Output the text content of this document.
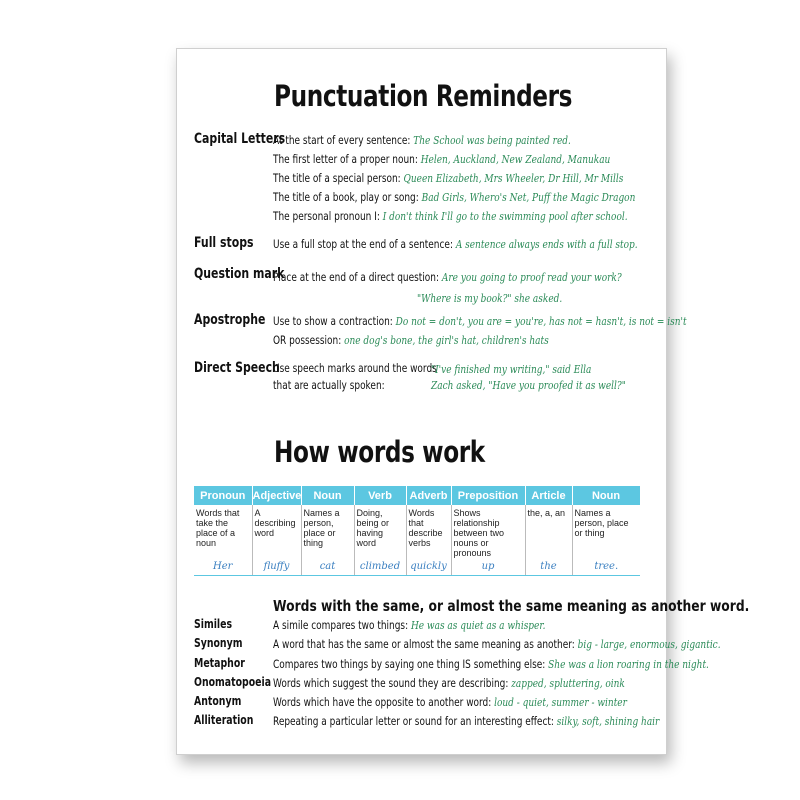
Punctuation Reminders
Capital Letters
At the start of every sentence: The School was being painted red.
The first letter of a proper noun: Helen, Auckland, New Zealand, Manukau
The title of a special person: Queen Elizabeth, Mrs Wheeler, Dr Hill, Mr Mills
The title of a book, play or song: Bad Girls, Whero's Net, Puff the Magic Dragon
The personal pronoun I: I don't think I'll go to the swimming pool after school.
Full stops Use a full stop at the end of a sentence: A sentence always ends with a full stop.
Question mark
Place at the end of a direct question: Are you going to proof read your work?
"Where is my book?" she asked.
Apostrophe Use to show a contraction: Do not = don't, you are = you're, has not = hasn't, is not = isn't
OR possession: one dog's bone, the girl's hat, children's hats
Direct Speech
Use speech marks around the words
that are actually spoken:
"I've finished my writing," said Ella
Zach asked, "Have you proofed it as well?"
How words work
Pronoun	Adjective	Noun	Verb	Adverb	Preposition	Article	Noun
Words that take the place of a noun	A describing word	Names a person, place or thing	Doing, being or having word	Words that describe verbs	Shows relationship between two nouns or pronouns	the, a, an	Names a person, place or thing
Her	fluffy	cat	climbed	quickly	up	the	tree.
Words with the same, or almost the same meaning as another word.
Similes	A simile compares two things: He was as quiet as a whisper.
Synonym	A word that has the same or almost the same meaning as another: big - large, enormous, gigantic.
Metaphor Compares two things by saying one thing IS something else: She was a lion roaring in the night.
Onomatopoeia Words which suggest the sound they are describing: zapped, spluttering, oink
Antonym	Words which have the opposite to another word: loud - quiet, summer - winter
Alliteration Repeating a particular letter or sound for an interesting effect: silky, soft, shining hair
